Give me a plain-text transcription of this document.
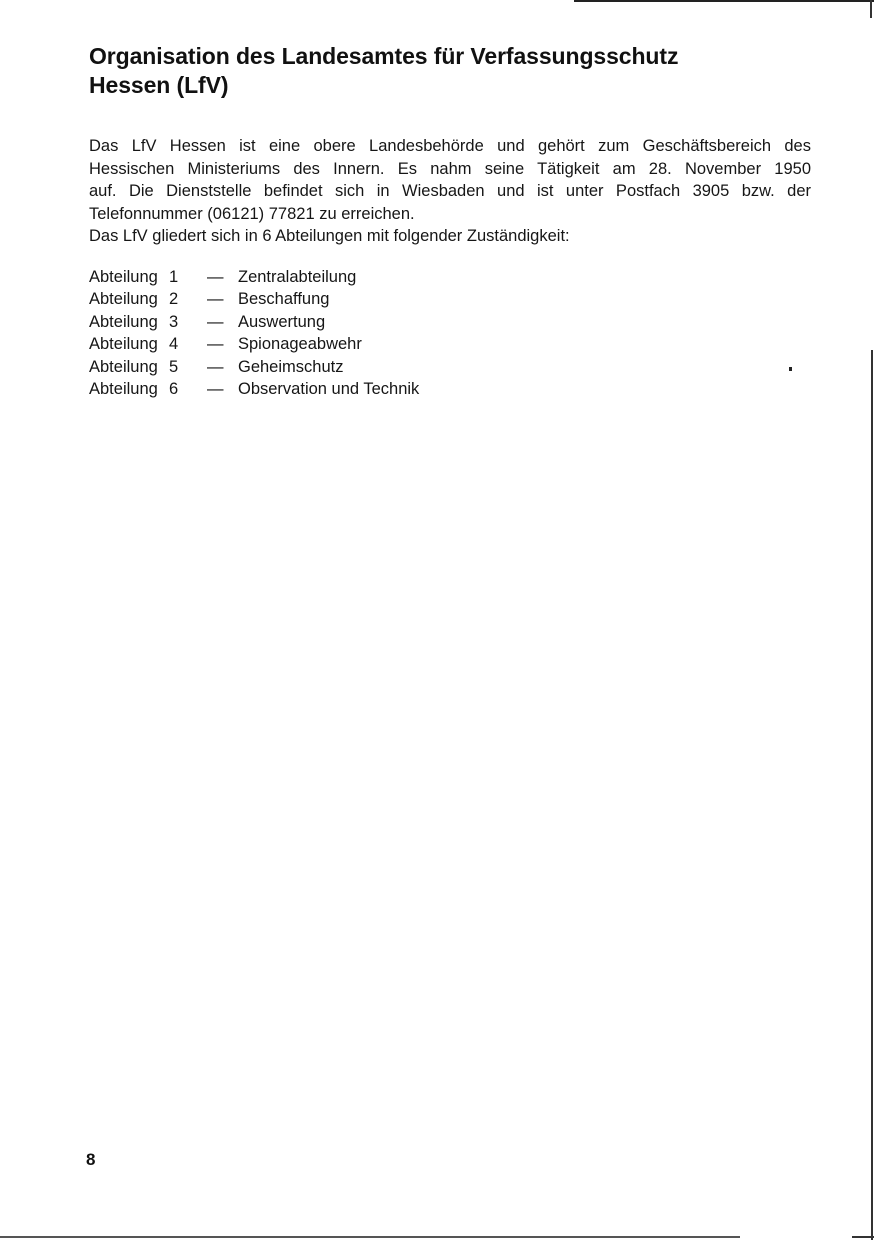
Organisation des Landesamtes für Verfassungsschutz
Hessen (LfV)
Das LfV Hessen ist eine obere Landesbehörde und gehört zum Geschäftsbereich des
Hessischen Ministeriums des Innern. Es nahm seine Tätigkeit am 28. November 1950
auf. Die Dienststelle befindet sich in Wiesbaden und ist unter Postfach 3905 bzw. der
Telefonnummer (06121) 77821 zu erreichen.
Das LfV gliedert sich in 6 Abteilungen mit folgender Zuständigkeit:
Abteilung 1	— Zentralabteilung
Abteilung 2	— Beschaffung
Abteilung 3	— Auswertung
Abteilung 4	— Spionageabwehr
Abteilung 5	— Geheimschutz
Abteilung 6	— Observation und Technik
8
